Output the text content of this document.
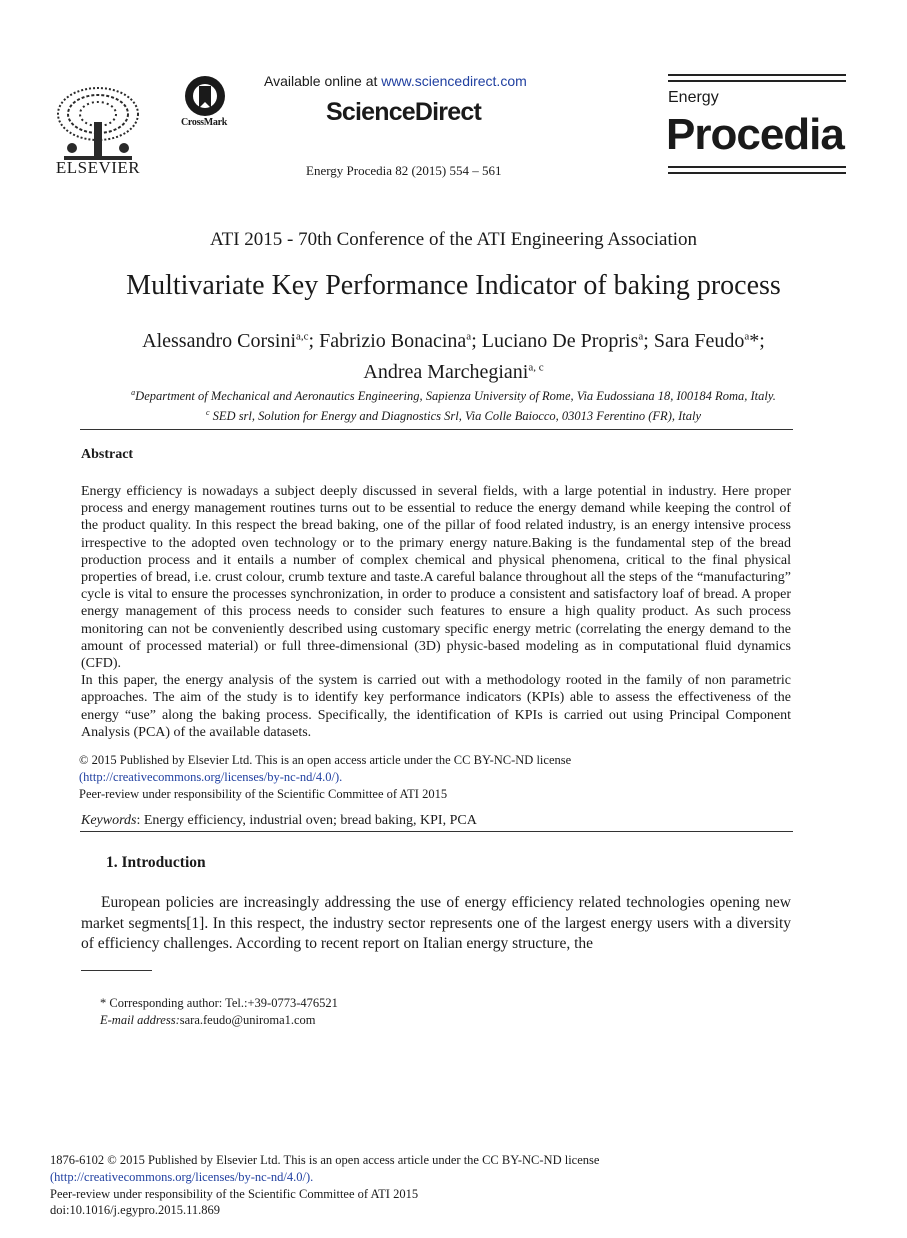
ELSEVIER
CrossMark
Available online at www.sciencedirect.com
ScienceDirect
Energy Procedia 82 (2015) 554 – 561
Energy
Procedia
ATI 2015 - 70th Conference of the ATI Engineering Association
Multivariate Key Performance Indicator of baking process
Alessandro Corsini$^{a,c}$; Fabrizio Bonacina$^a$; Luciano De Propris$^a$; Sara Feudo$^a$*;
Andrea Marchegiani$^{a, c}$
$^a$Department of Mechanical and Aeronautics Engineering, Sapienza University of Rome, Via Eudossiana 18, I00184 Roma, Italy.
$^c$ SED srl, Solution for Energy and Diagnostics Srl, Via Colle Baiocco, 03013 Ferentino (FR), Italy
Abstract

Energy efficiency is nowadays a subject deeply discussed in several fields, with a large potential in industry. Here proper process and energy management routines turns out to be essential to reduce the energy demand while keeping the control of the product quality. In this respect the bread baking, one of the pillar of food related industry, is an energy intensive process irrespective to the adopted oven technology or to the primary energy nature.Baking is the fundamental step of the bread production process and it entails a number of complex chemical and physical phenomena, critical to the final physical properties of bread, i.e. crust colour, crumb texture and taste.A careful balance throughout all the steps of the “manufacturing” cycle is vital to ensure the processes synchronization, in order to produce a consistent and satisfactory loaf of bread. A proper energy management of this process needs to consider such features to ensure a high quality product. As such process monitoring can not be conveniently described using customary specific energy metric (correlating the energy demand to the amount of processed material) or full three-dimensional (3D) physic-based modeling as in computational fluid dynamics (CFD).

In this paper, the energy analysis of the system is carried out with a methodology rooted in the family of non parametric approaches. The aim of the study is to identify key performance indicators (KPIs) able to assess the effectiveness of the energy “use” along the baking process. Specifically, the identification of KPIs is carried out using Principal Component Analysis (PCA) of the available datasets.

© 2015 Published by Elsevier Ltd. This is an open access article under the CC BY-NC-ND license
(http://creativecommons.org/licenses/by-nc-nd/4.0/).
Peer-review under responsibility of the Scientific Committee of ATI 2015
Keywords: Energy efficiency, industrial oven; bread baking, KPI, PCA
1. Introduction

European policies are increasingly addressing the use of energy efficiency related technologies opening new market segments[1]. In this respect, the industry sector represents one of the largest energy users with a diversity of efficiency challenges. According to recent report on Italian energy structure, the

* Corresponding author: Tel.:+39-0773-476521
E-mail address:sara.feudo@uniroma1.com
1876-6102 © 2015 Published by Elsevier Ltd. This is an open access article under the CC BY-NC-ND license
(http://creativecommons.org/licenses/by-nc-nd/4.0/).
Peer-review under responsibility of the Scientific Committee of ATI 2015
doi:10.1016/j.egypro.2015.11.869
